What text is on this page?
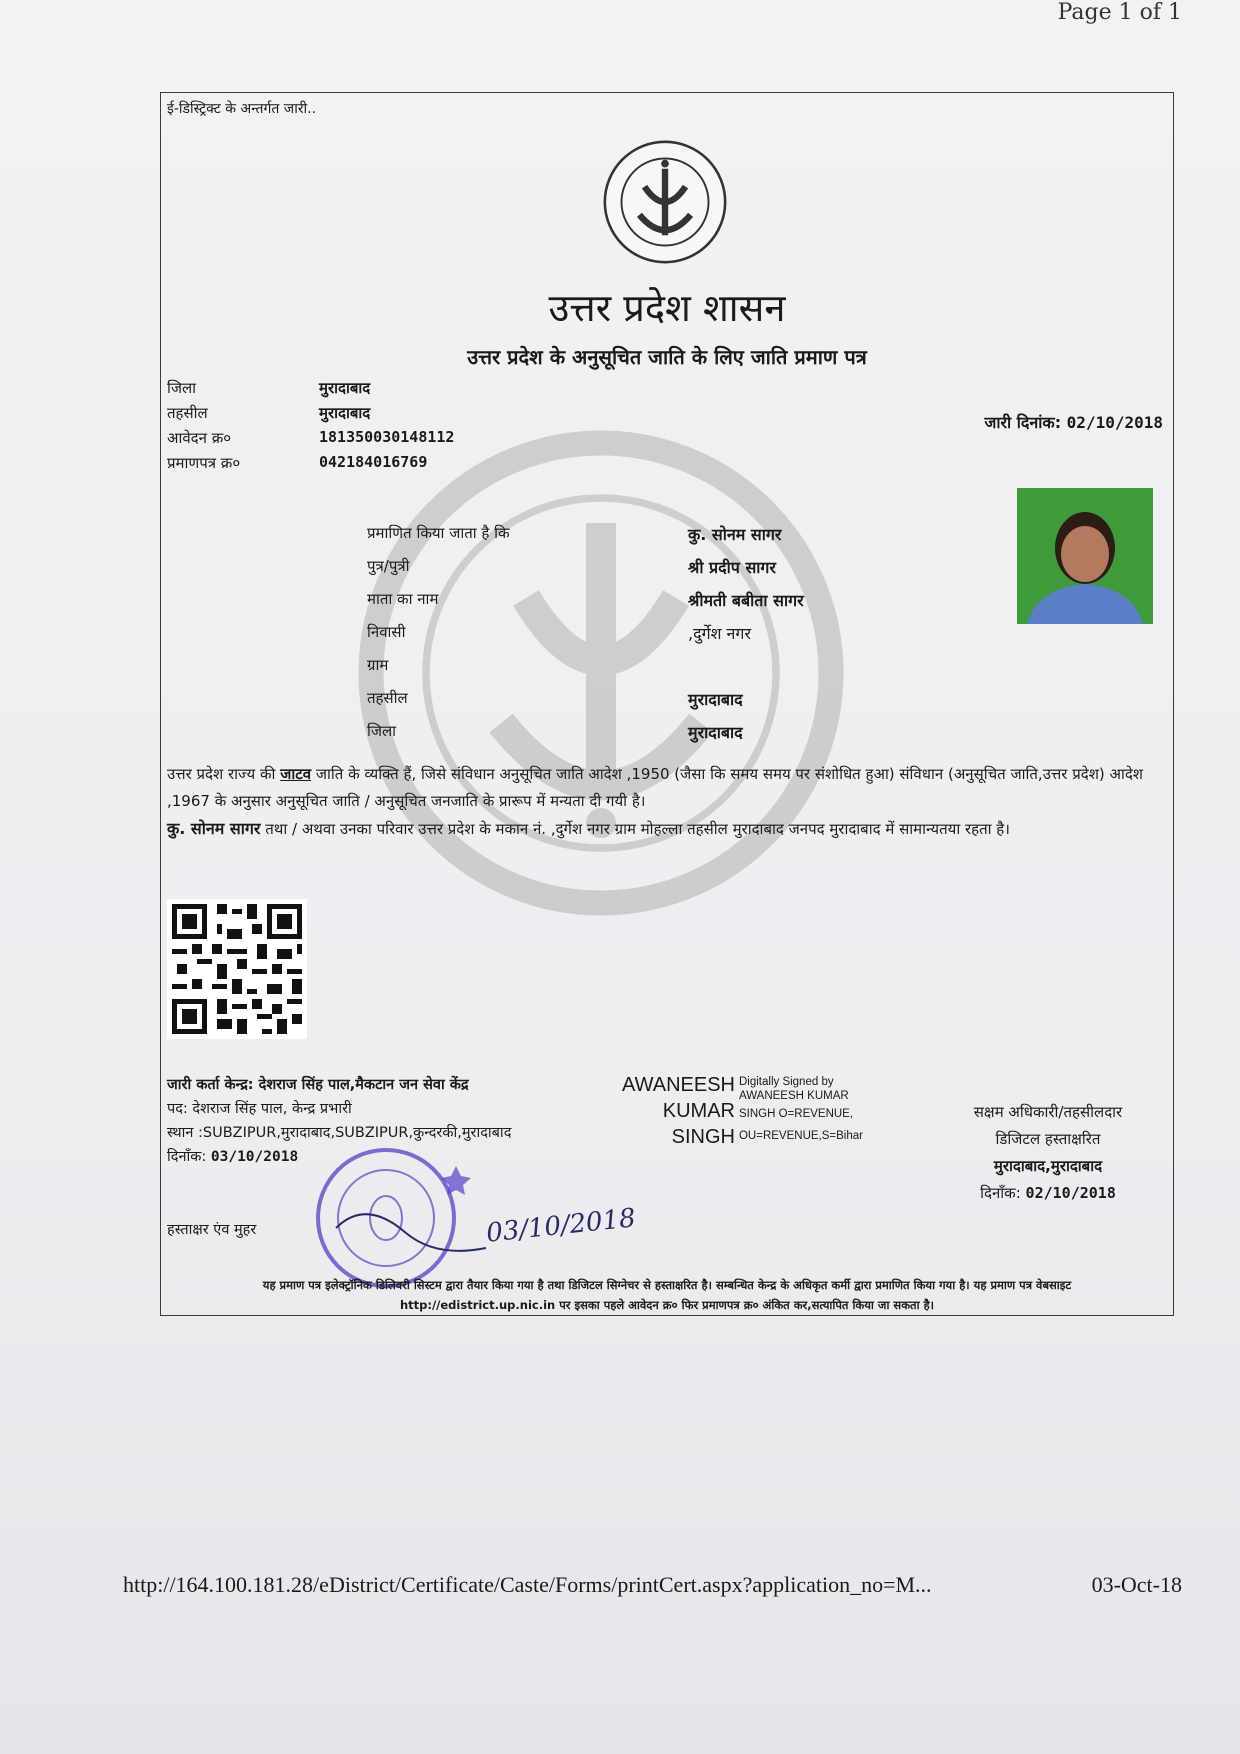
Page 1 of 1
ई-डिस्ट्रिक्ट के अन्तर्गत जारी..
उत्तर प्रदेश शासन
उत्तर प्रदेश के अनुसूचित जाति के लिए जाति प्रमाण पत्र
जिला	मुरादाबाद
तहसील	मुरादाबाद
आवेदन क्र०	181350030148112
प्रमाणपत्र क्र०	042184016769
जारी दिनांक: 02/10/2018
प्रमाणित किया जाता है कि	कु. सोनम सागर
पुत्र/पुत्री	श्री प्रदीप सागर
माता का नाम	श्रीमती बबीता सागर
निवासी	,दुर्गेश नगर
ग्राम
तहसील	मुरादाबाद
जिला	मुरादाबाद
उत्तर प्रदेश राज्य की जाटव जाति के व्यक्ति हैं, जिसे संविधान अनुसूचित जाति आदेश ,1950 (जैसा कि समय समय पर संशोधित हुआ) संविधान (अनुसूचित जाति,उत्तर प्रदेश) आदेश ,1967 के अनुसार अनुसूचित जाति / अनुसूचित जनजाति के प्रारूप में मन्यता दी गयी है।
कु. सोनम सागर तथा / अथवा उनका परिवार उत्तर प्रदेश के मकान नं. ,दुर्गेश नगर ग्राम मोहल्ला तहसील मुरादाबाद जनपद मुरादाबाद में सामान्यतया रहता है।
जारी कर्ता केन्द्र: देशराज सिंह पाल,मैकटान जन सेवा केंद्र
पद: देशराज सिंह पाल, केन्द्र प्रभारी
स्थान :SUBZIPUR,मुरादाबाद,SUBZIPUR,कुन्दरकी,मुरादाबाद
दिनाँक: 03/10/2018
हस्ताक्षर एंव मुहर
AWANEESH
KUMAR
SINGH

Digitally Signed by AWANEESH KUMAR
SINGH O=REVENUE,
OU=REVENUE,S=Bihar
सक्षम अधिकारी/तहसीलदार
डिजिटल हस्ताक्षरित
मुरादाबाद,मुरादाबाद
दिनाँक: 02/10/2018
03/10/2018
यह प्रमाण पत्र इलेक्ट्रॉनिक डिलिवरी सिस्टम द्वारा तैयार किया गया है तथा डिजिटल सिग्नेचर से हस्ताक्षरित है। सम्बन्धित केन्द्र के अधिकृत कर्मी द्वारा प्रमाणित किया गया है। यह प्रमाण पत्र वेबसाइट
http://edistrict.up.nic.in पर इसका पहले आवेदन क्र० फिर प्रमाणपत्र क्र० अंकित कर,सत्यापित किया जा सकता है।
http://164.100.181.28/eDistrict/Certificate/Caste/Forms/printCert.aspx?application_no=M...	03-Oct-18
